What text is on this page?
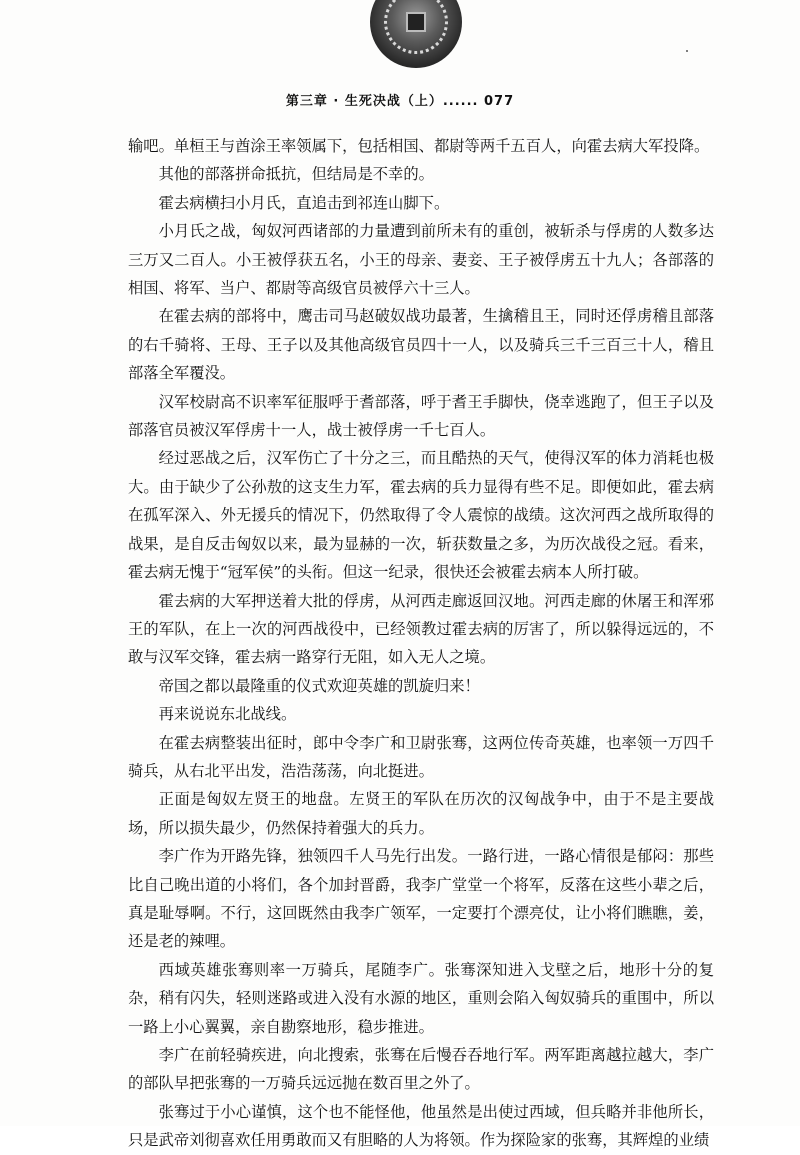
第三章 · 生死决战（上）...... 077

输吧。单桓王与酋涂王率领属下，包括相国、都尉等两千五百人，向霍去病大军投降。

其他的部落拼命抵抗，但结局是不幸的。

霍去病横扫小月氏，直追击到祁连山脚下。

小月氏之战，匈奴河西诸部的力量遭到前所未有的重创，被斩杀与俘虏的人数多达三万又二百人。小王被俘获五名，小王的母亲、妻妾、王子被俘虏五十九人；各部落的相国、将军、当户、都尉等高级官员被俘六十三人。

在霍去病的部将中，鹰击司马赵破奴战功最著，生擒稽且王，同时还俘虏稽且部落的右千骑将、王母、王子以及其他高级官员四十一人，以及骑兵三千三百三十人，稽且部落全军覆没。

汉军校尉高不识率军征服呼于耆部落，呼于耆王手脚快，侥幸逃跑了，但王子以及部落官员被汉军俘虏十一人，战士被俘虏一千七百人。

经过恶战之后，汉军伤亡了十分之三，而且酷热的天气，使得汉军的体力消耗也极大。由于缺少了公孙敖的这支生力军，霍去病的兵力显得有些不足。即便如此，霍去病在孤军深入、外无援兵的情况下，仍然取得了令人震惊的战绩。这次河西之战所取得的战果，是自反击匈奴以来，最为显赫的一次，斩获数量之多，为历次战役之冠。看来，霍去病无愧于“冠军侯”的头衔。但这一纪录，很快还会被霍去病本人所打破。

霍去病的大军押送着大批的俘虏，从河西走廊返回汉地。河西走廊的休屠王和浑邪王的军队，在上一次的河西战役中，已经领教过霍去病的厉害了，所以躲得远远的，不敢与汉军交锋，霍去病一路穿行无阻，如入无人之境。

帝国之都以最隆重的仪式欢迎英雄的凯旋归来！

再来说说东北战线。

在霍去病整装出征时，郎中令李广和卫尉张骞，这两位传奇英雄，也率领一万四千骑兵，从右北平出发，浩浩荡荡，向北挺进。

正面是匈奴左贤王的地盘。左贤王的军队在历次的汉匈战争中，由于不是主要战场，所以损失最少，仍然保持着强大的兵力。

李广作为开路先锋，独领四千人马先行出发。一路行进，一路心情很是郁闷：那些比自己晚出道的小将们，各个加封晋爵，我李广堂堂一个将军，反落在这些小辈之后，真是耻辱啊。不行，这回既然由我李广领军，一定要打个漂亮仗，让小将们瞧瞧，姜，还是老的辣哩。

西域英雄张骞则率一万骑兵，尾随李广。张骞深知进入戈壁之后，地形十分的复杂，稍有闪失，轻则迷路或进入没有水源的地区，重则会陷入匈奴骑兵的重围中，所以一路上小心翼翼，亲自勘察地形，稳步推进。

李广在前轻骑疾进，向北搜索，张骞在后慢吞吞地行军。两军距离越拉越大，李广的部队早把张骞的一万骑兵远远抛在数百里之外了。

张骞过于小心谨慎，这个也不能怪他，他虽然是出使过西域，但兵略并非他所长，只是武帝刘彻喜欢任用勇敢而又有胆略的人为将领。作为探险家的张骞，其辉煌的业绩
